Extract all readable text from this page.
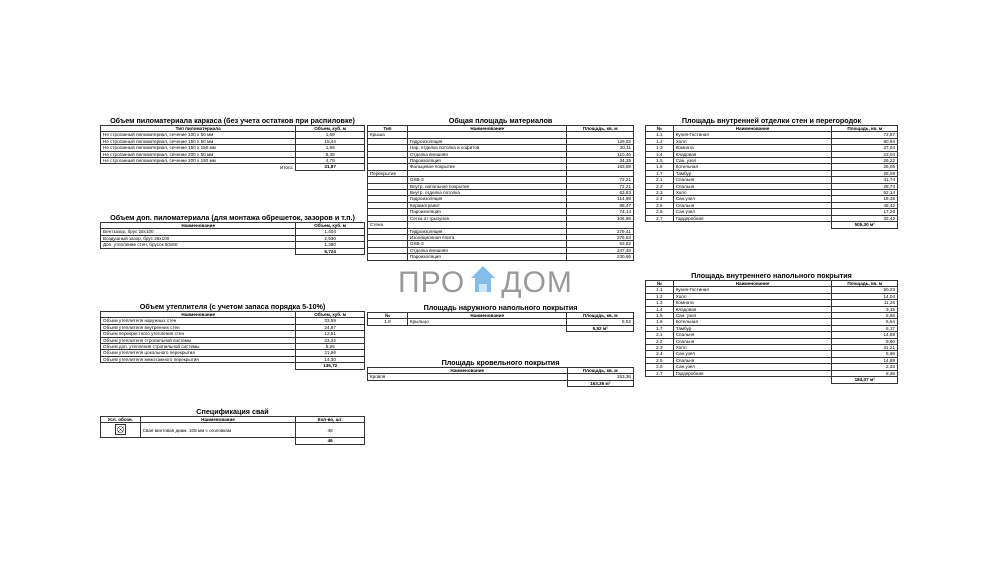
Объем пиломатериала каркаса (без учета остатков при распиловке)
Тип пиломатериала	Объем, куб. м
Не строганный пиломатериал, сечение 100 x 50 мм	1,69
Не строганный пиломатериал, сечение 150 x 50 мм	15,44
Не строганный пиломатериал, сечение 150 x 150 мм	1,56
Не строганный пиломатериал, сечение 200 x 50 мм	8,38
Не строганный пиломатериал, сечение 200 x 150 мм	4,79
Итого:	31,87
Объем доп. пиломатериала (для монтажа обрешеток, зазоров и т.п.)
Наименование	Объем, куб. м
Вентзазор, брус 25x100	1,404
Воздушный зазор, брус 25x100	2,930
Доп. утепление стен, брусок 50x50	1,390
	5,724
Объем утеплителя (с учетом запаса порядка 5-10%)
Наименование	Объем, куб. м
Объем утеплителя наружных стен	33,59
Объем утеплителя внутренних стен	24,87
Объем перекрестного утепления стен	12,51
Объем утеплителя стропильной системы	23,22
Объем доп. утепления стропильной системы	5,26
Объем утеплителя цокольного перекрытия	21,96
Объем утеплителя межэтажного перекрытия	14,30
	135,72
Спецификация свай
Усл. обозн.	Наименование	Кол-во, шт.

	Свая винтовая диам. 108 мм с оголовком	46
		46
Общая площадь материалов
Тип	Наименование	Площадь, кв. м
Крыша		
	Гидроизоляция	129,02
	Нар. отделка потолка и софитов	30,11
	Отделка внешняя	110,46
	Пароизоляция	34,35
	Фальцевое покрытие	163,59
Перекрытие		
	OSB-3	72,21
	Внутр. напольное покрытие	72,21
	Внутр. отделка потолка	63,83
	Гидроизоляция	114,98
	Керамогранит	98,47
	Пароизоляция	74,14
	Сетка от грызунов	106,95
Стена		
	Гидроизоляция	279,41
	Изоляционная плита	376,53
	OSB-3	63,82
	Отделка внешняя	247,48
	Пароизоляция	230,66
Площадь наружного напольного покрытия
№	Наименование	Площадь, кв. м
1.8	Крыльцо	5,52
		5,52 м²
Площадь кровельного покрытия
Наименование	Площадь, кв. м
Кровля	163,36
	163,36 м²
Площадь внутренней отделки стен и перегородок
№	Наименование	Площадь, кв. м
1.1	Кухня-Гостиная	72,87
1.2	Холл	50,94
1.3	Комната	37,04
1.4	Кладовая	23,04
1.5	Сан. узел	26,22
1.6	Котельная	28,05
1.7	Тамбур	28,09
2.1	Спальня	41,74
2.2	Спальня	28,74
2.3	Холл	52,14
2.4	Сан.узел	18,35
2.5	Спальня	48,42
2.6	Сан.узел	17,26
2.7	Гардеробная	32,42
		505,30 м²
Площадь внутреннего напольного покрытия
№	Наименование	Площадь, кв. м
1.1	Кухня-Гостиная	50,33
1.2	Холл	14,04
1.3	Комната	11,26
1.4	Кладовая	3,15
1.5	Сан. узел	5,66
1.6	Котельная	6,54
1.7	Тамбур	6,17
2.1	Спальня	14,88
2.2	Спальня	9,60
2.3	Холл	31,21
2.4	Сан.узел	5,66
2.5	Спальня	14,88
2.6	Сан.узел	2,33
2.7	Гардеробная	8,36
		184,07 м²
ПРО ДОМ
